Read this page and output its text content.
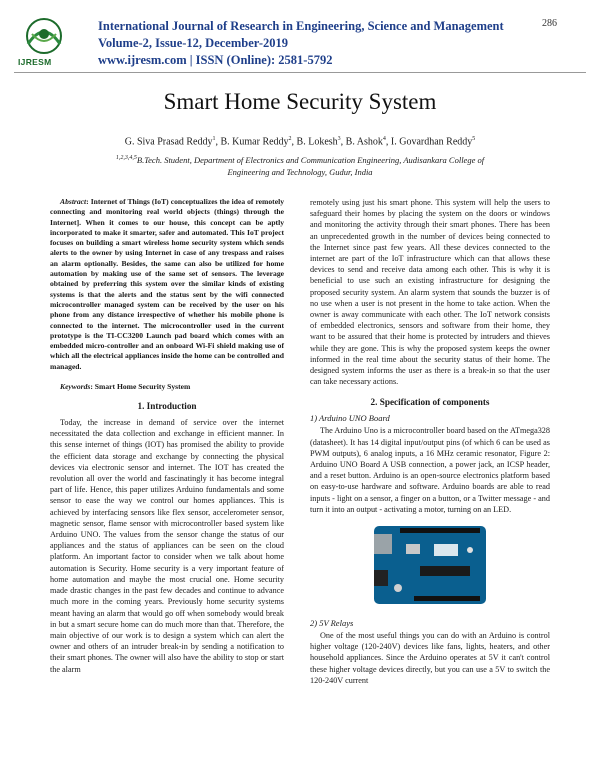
IJRESM
International Journal of Research in Engineering, Science and Management
Volume-2, Issue-12, December-2019
www.ijresm.com | ISSN (Online): 2581-5792
286
Smart Home Security System
G. Siva Prasad Reddy$^1$, B. Kumar Reddy$^2$, B. Lokesh$^3$, B. Ashok$^4$, I. Govardhan Reddy$^5$
$^{1,2,3,4,5}$B.Tech. Student, Department of Electronics and Communication Engineering, Audisankara College of
Engineering and Technology, Gudur, India

Abstract: Internet of Things (IoT) conceptualizes the idea of remotely connecting and monitoring real world objects (things) through the Internet]. When it comes to our house, this concept can be aptly incorporated to make it smarter, safer and automated. This IoT project focuses on building a smart wireless home security system which sends alerts to the owner by using Internet in case of any trespass and raises an alarm optionally. Besides, the same can also be utilized for home automation by making use of the same set of sensors. The leverage obtained by preferring this system over the similar kinds of existing systems is that the alerts and the status sent by the wifi connected microcontroller managed system can be received by the user on his phone from any distance irrespective of whether his mobile phone is connected to the internet. The microcontroller used in the current prototype is the TI-CC3200 Launch pad board which comes with an embedded micro-controller and an onboard Wi-Fi shield making use of which all the electrical appliances inside the home can be controlled and managed.

Keywords: Smart Home Security System

1. Introduction

Today, the increase in demand of service over the internet necessitated the data collection and exchange in efficient manner. In this sense internet of things (IOT) has promised the ability to provide the efficient data storage and exchange by connecting the physical devices via electronic sensor and internet. The IOT has created the revolution all over the world and fascinatingly it has become integral part of life. Hence, this paper utilizes Arduino fundamentals and some sensor to ease the way we control our homes appliances. This is achieved by interfacing sensors like flex sensor, accelerometer sensor, magnetic sensor, flame sensor with microcontroller based system like Arduino UNO. The values from the sensor change the status of our appliances and the status of appliances can be seen on the cloud platform. An important factor to consider when we talk about home automation is Security. Home security is a very important feature of home automation and maybe the most crucial one. Home security made drastic changes in the past few decades and continue to advance much more in the coming years. Previously home security systems meant having an alarm that would go off when somebody would break in but a smart secure home can do much more than that. Therefore, the main objective of our work is to design a system which can alert the owner and others of an intruder break-in by sending a notification to their smart phones. The owner will also have the ability to stop or start the alarm

remotely using just his smart phone. This system will help the users to safeguard their homes by placing the system on the doors or windows and monitoring the activity through their smart phones. There has been an unprecedented growth in the number of devices being connected to the Internet since past few years. All these devices connected to the internet are part of the IoT infrastructure which can that allows these devices to send and receive data among each other. This is why it is beneficial to use such an existing infrastructure for designing the proposed security system. An alarm system that sounds the buzzer is of no use when a user is not present in the home to take action. When the owner is away communicate with each other. The IoT network consists of embedded electronics, sensors and software from their home, they want to be assured that their home is protected by intruders and thieves while they are gone. This is why the proposed system keeps the owner informed in the real time about the security status of their home. The designed system informs the user as there is a break-in so that the user can take necessary actions.

2. Specification of components
1) Arduino UNO Board

The Arduino Uno is a microcontroller board based on the ATmega328 (datasheet). It has 14 digital input/output pins (of which 6 can be used as PWM outputs), 6 analog inputs, a 16 MHz ceramic resonator, Figure 2: Arduino UNO Board A USB connection, a power jack, an ICSP header, and a reset button. Arduino is an open-source electronics platform based on easy-to-use hardware and software. Arduino boards are able to read inputs - light on a sensor, a finger on a button, or a Twitter message - and turn it into an output - activating a motor, turning on an LED.

2) 5V Relays

One of the most useful things you can do with an Arduino is control higher voltage (120-240V) devices like fans, lights, heaters, and other household appliances. Since the Arduino operates at 5V it can't control these higher voltage devices directly, but you can use a 5V to switch the 120-240V current
